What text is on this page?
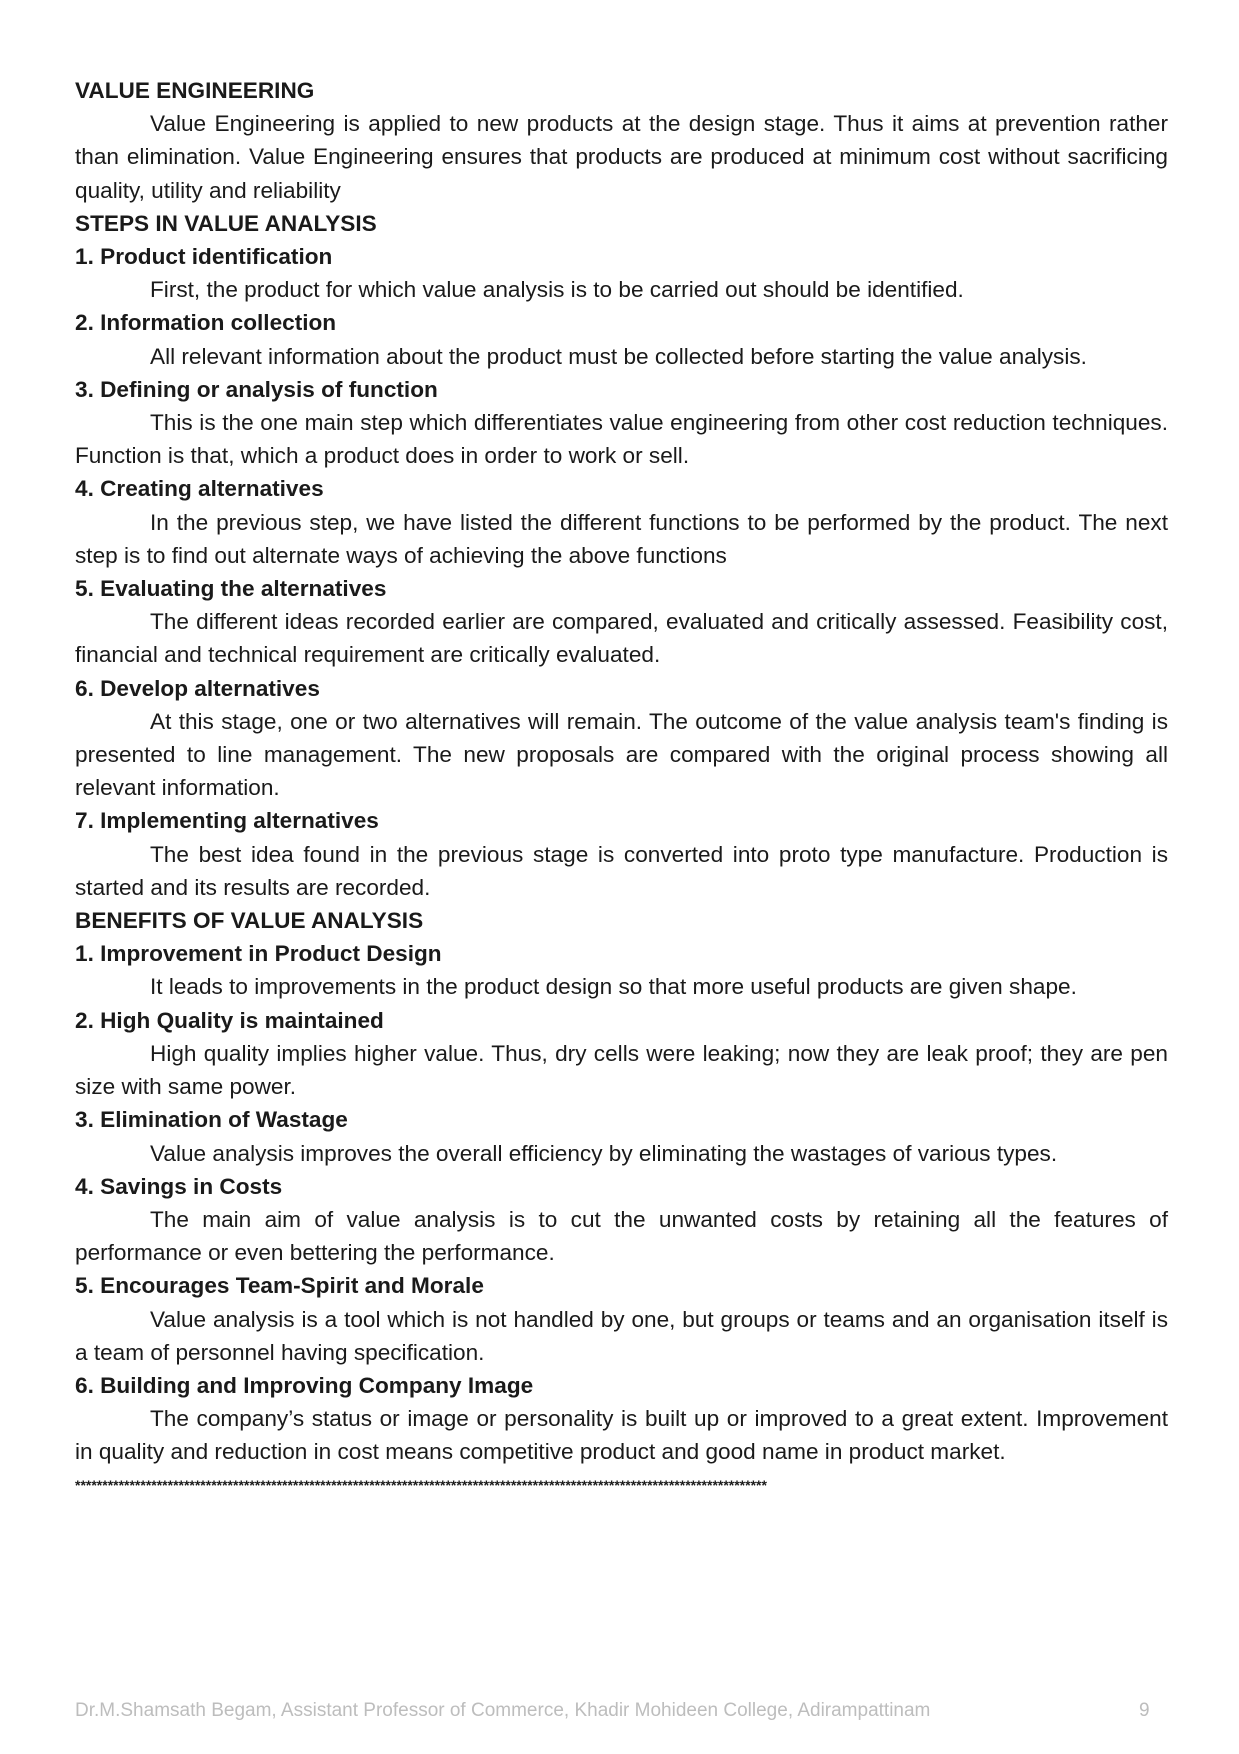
VALUE ENGINEERING

Value Engineering is applied to new products at the design stage. Thus it aims at prevention rather than elimination. Value Engineering ensures that products are produced at minimum cost without sacrificing quality, utility and reliability

STEPS IN VALUE ANALYSIS

1. Product identification

First, the product for which value analysis is to be carried out should be identified.

2. Information collection

All relevant information about the product must be collected before starting the value analysis.

3. Defining or analysis of function

This is the one main step which differentiates value engineering from other cost reduction techniques. Function is that, which a product does in order to work or sell.

4. Creating alternatives

In the previous step, we have listed the different functions to be performed by the product. The next step is to find out alternate ways of achieving the above functions

5. Evaluating the alternatives

The different ideas recorded earlier are compared, evaluated and critically assessed. Feasibility cost, financial and technical requirement are critically evaluated.

6. Develop alternatives

At this stage, one or two alternatives will remain. The outcome of the value analysis team's finding is presented to line management. The new proposals are compared with the original process showing all relevant information.

7. Implementing alternatives

The best idea found in the previous stage is converted into proto type manufacture. Production is started and its results are recorded.

BENEFITS OF VALUE ANALYSIS

1. Improvement in Product Design

It leads to improvements in the product design so that more useful products are given shape.

2. High Quality is maintained

High quality implies higher value. Thus, dry cells were leaking; now they are leak proof; they are pen size with same power.

3. Elimination of Wastage

Value analysis improves the overall efficiency by eliminating the wastages of various types.

4. Savings in Costs

The main aim of value analysis is to cut the unwanted costs by retaining all the features of performance or even bettering the performance.

5. Encourages Team-Spirit and Morale

Value analysis is a tool which is not handled by one, but groups or teams and an organisation itself is a team of personnel having specification.

6. Building and Improving Company Image

The company’s status or image or personality is built up or improved to a great extent. Improvement in quality and reduction in cost means competitive product and good name in product market.

*******************************************************************************************************************************
Dr.M.Shamsath Begam, Assistant Professor of Commerce, Khadir Mohideen College, Adirampattinam	9
